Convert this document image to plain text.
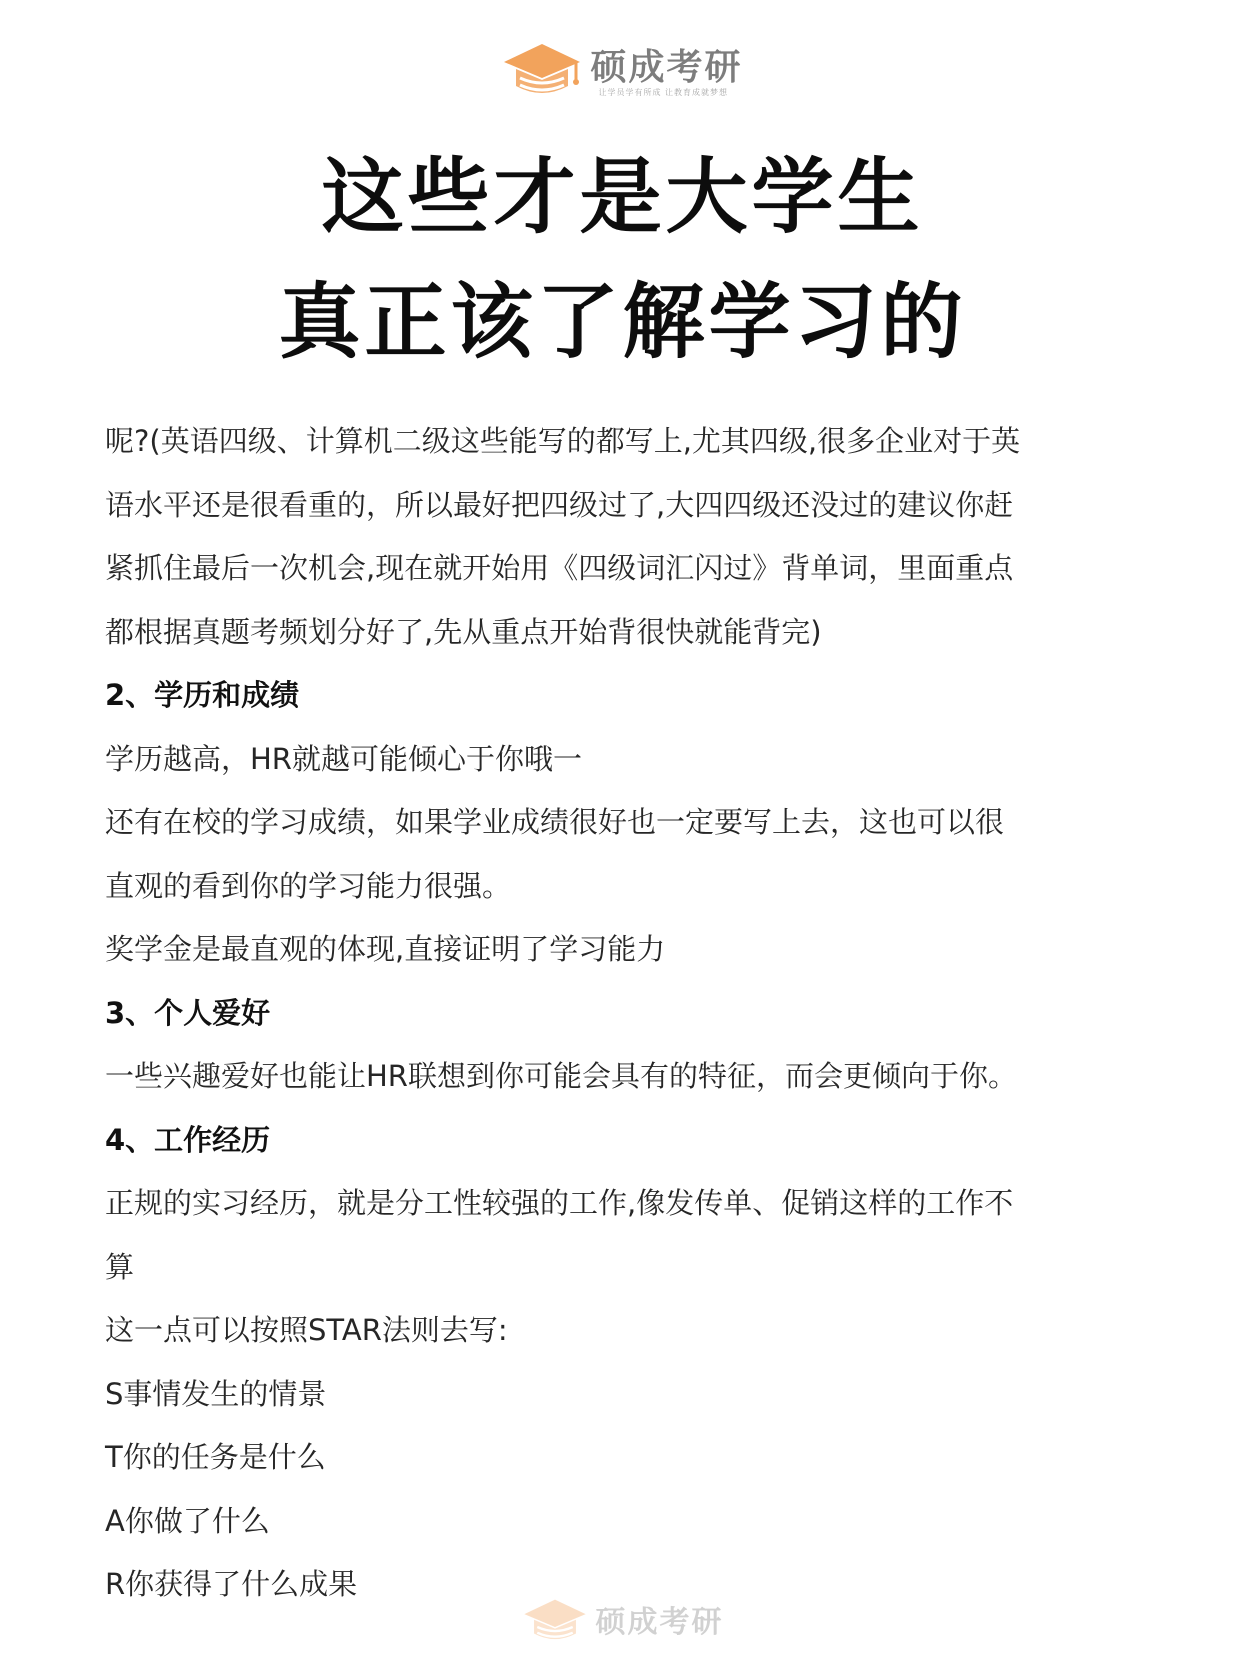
硕成考研
让学员学有所成 让教育成就梦想
这些才是大学生
真正该了解学习的
呢?(英语四级、计算机二级这些能写的都写上,尤其四级,很多企业对于英
语水平还是很看重的，所以最好把四级过了,大四四级还没过的建议你赶
紧抓住最后一次机会,现在就开始用《四级词汇闪过》背单词，里面重点
都根据真题考频划分好了,先从重点开始背很快就能背完)
2、学历和成绩
学历越高，HR就越可能倾心于你哦一
还有在校的学习成绩，如果学业成绩很好也一定要写上去，这也可以很
直观的看到你的学习能力很强。
奖学金是最直观的体现,直接证明了学习能力
3、个人爱好
一些兴趣爱好也能让HR联想到你可能会具有的特征，而会更倾向于你。
4、工作经历
正规的实习经历，就是分工性较强的工作,像发传单、促销这样的工作不
算
这一点可以按照STAR法则去写:
S事情发生的情景
T你的任务是什么
A你做了什么
R你获得了什么成果
硕成考研
